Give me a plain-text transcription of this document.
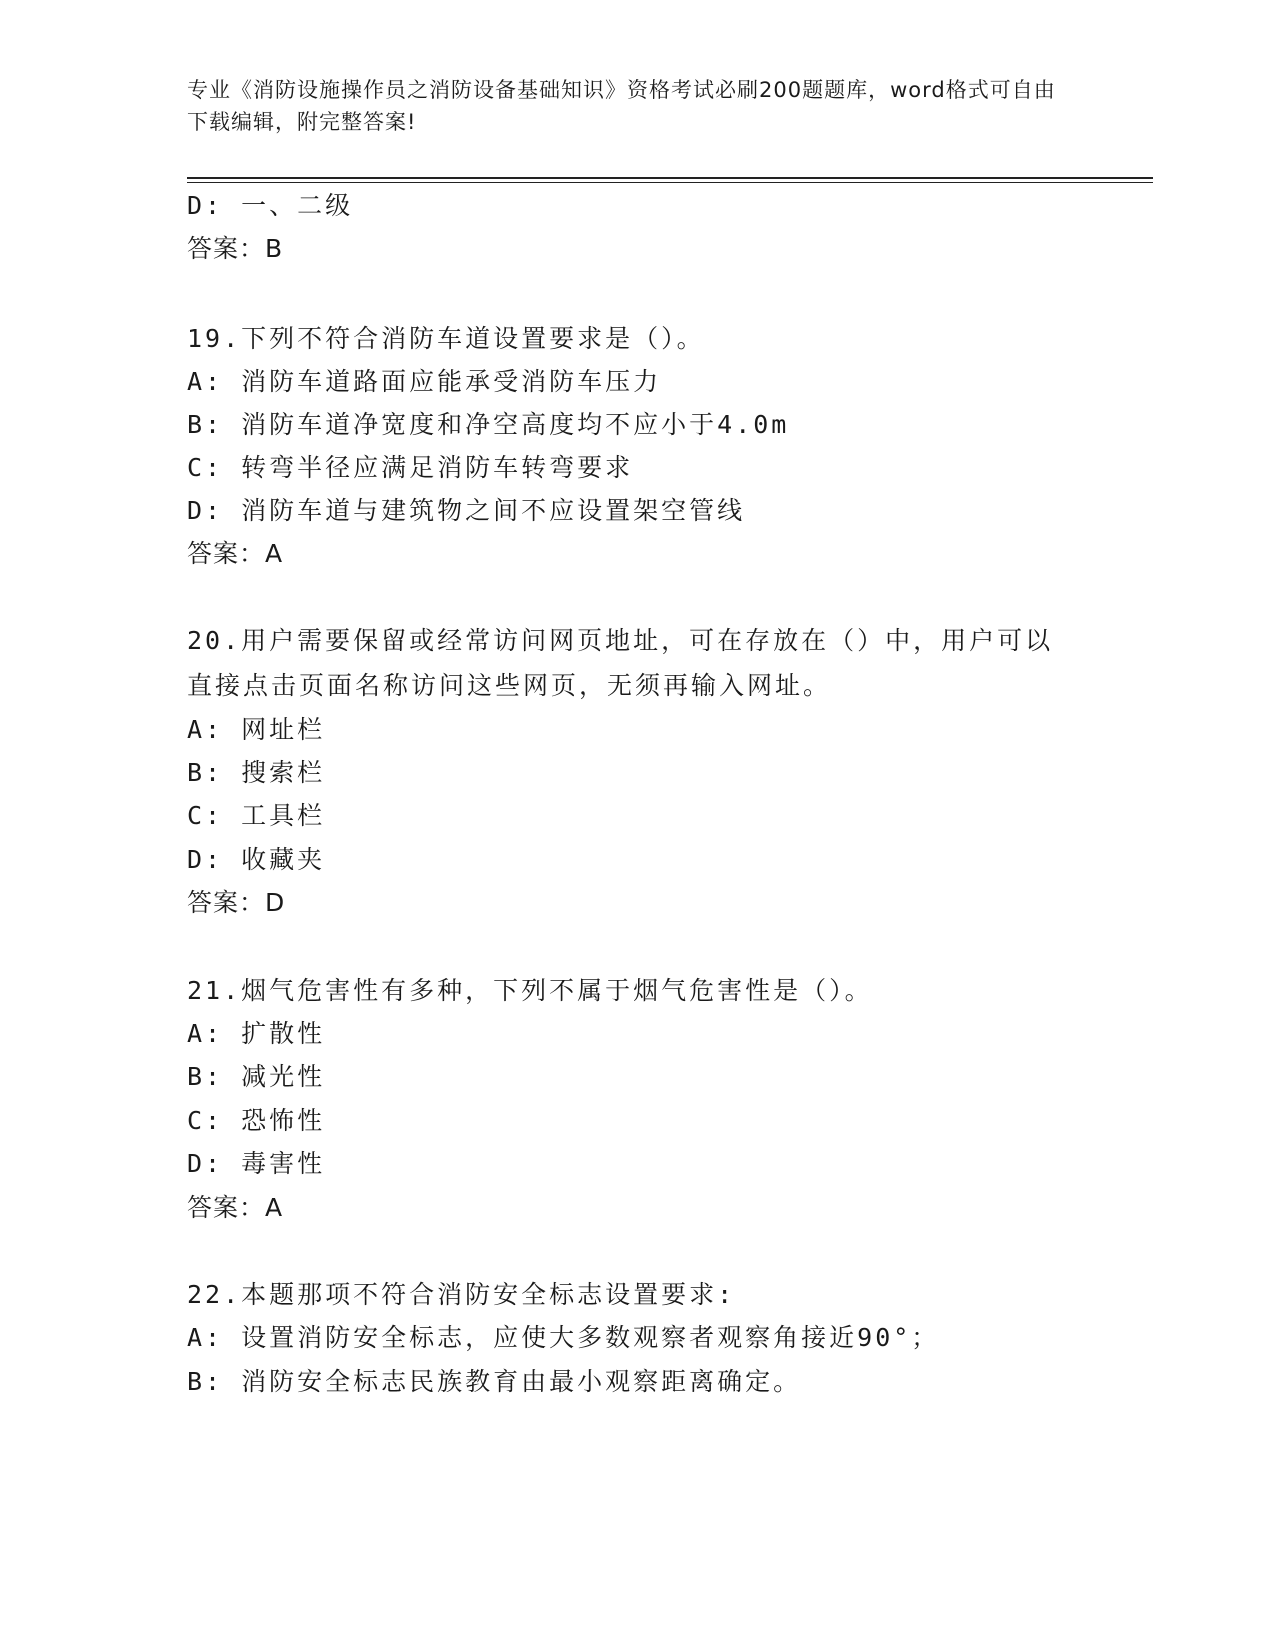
专业《消防设施操作员之消防设备基础知识》资格考试必刷200题题库，word格式可自由下载编辑，附完整答案!
D: 一、二级
答案：B
19.下列不符合消防车道设置要求是（）。
A: 消防车道路面应能承受消防车压力
B: 消防车道净宽度和净空高度均不应小于4.0m
C: 转弯半径应满足消防车转弯要求
D: 消防车道与建筑物之间不应设置架空管线
答案：A
20.用户需要保留或经常访问网页地址，可在存放在（）中，用户可以
直接点击页面名称访问这些网页，无须再输入网址。
A: 网址栏
B: 搜索栏
C: 工具栏
D: 收藏夹
答案：D
21.烟气危害性有多种，下列不属于烟气危害性是（）。
A: 扩散性
B: 减光性
C: 恐怖性
D: 毒害性
答案：A
22.本题那项不符合消防安全标志设置要求:
A: 设置消防安全标志，应使大多数观察者观察角接近90°；
B: 消防安全标志民族教育由最小观察距离确定。
